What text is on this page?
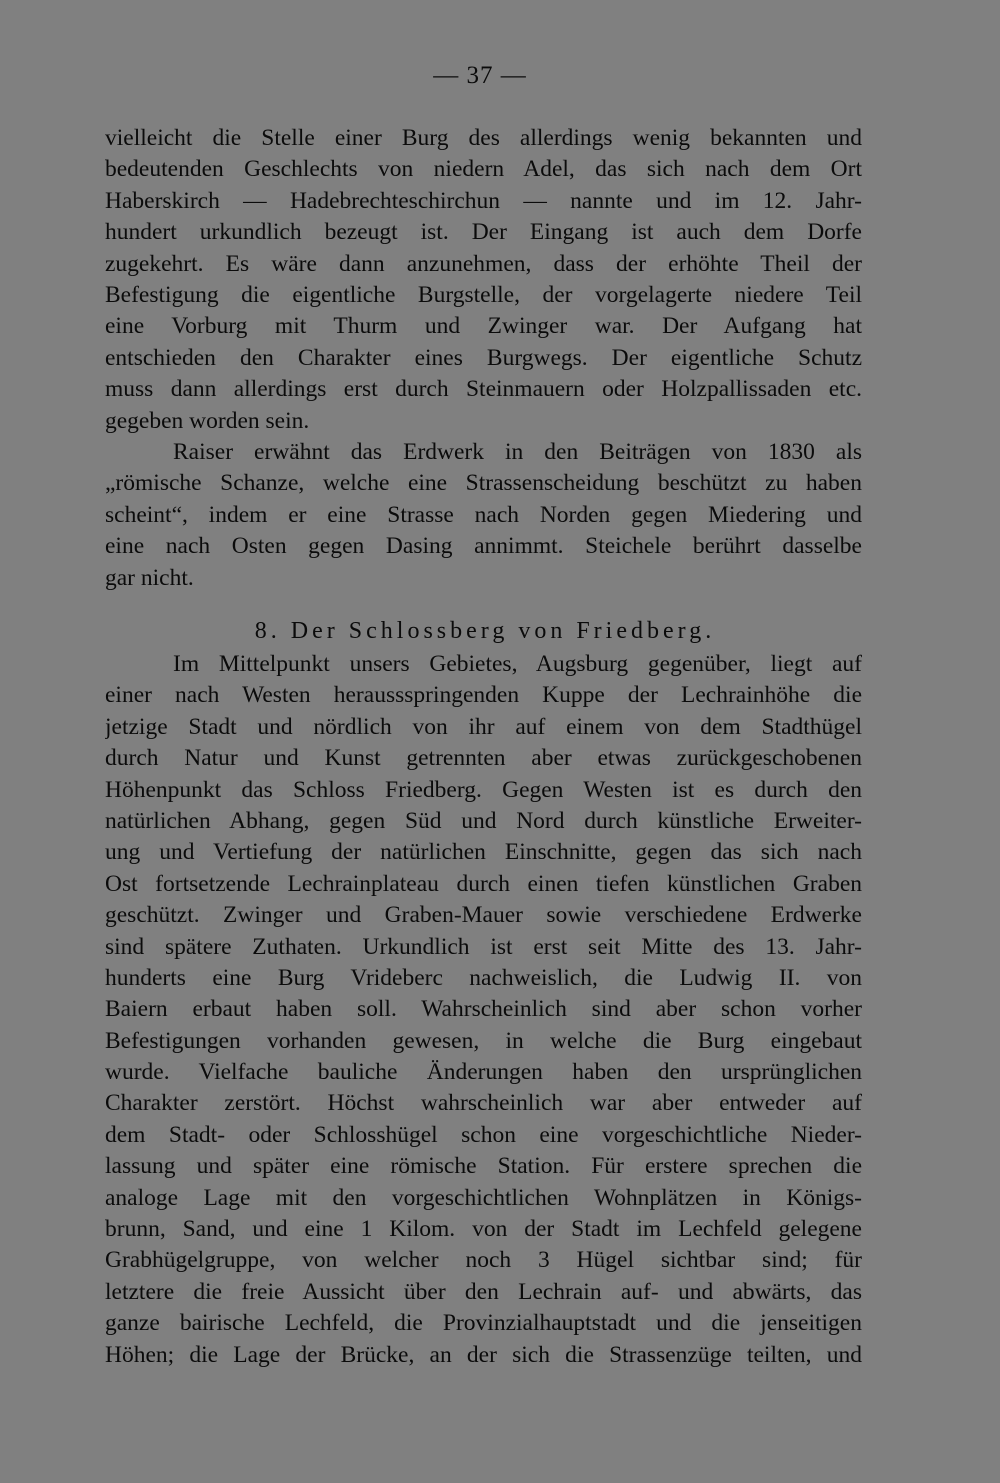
— 37 —
vielleicht die Stelle einer Burg des allerdings wenig bekannten und
bedeutenden Geschlechts von niedern Adel, das sich nach dem Ort
Haberskirch — Hadebrechteschirchun — nannte und im 12. Jahr-
hundert urkundlich bezeugt ist. Der Eingang ist auch dem Dorfe
zugekehrt. Es wäre dann anzunehmen, dass der erhöhte Theil der
Befestigung die eigentliche Burgstelle, der vorgelagerte niedere Teil
eine Vorburg mit Thurm und Zwinger war. Der Aufgang hat
entschieden den Charakter eines Burgwegs. Der eigentliche Schutz
muss dann allerdings erst durch Steinmauern oder Holzpallissaden etc.
gegeben worden sein.
Raiser erwähnt das Erdwerk in den Beiträgen von 1830 als
„römische Schanze, welche eine Strassenscheidung beschützt zu haben
scheint“, indem er eine Strasse nach Norden gegen Miedering und
eine nach Osten gegen Dasing annimmt. Steichele berührt dasselbe
gar nicht.
8. Der Schlossberg von Friedberg.
Im Mittelpunkt unsers Gebietes, Augsburg gegenüber, liegt auf
einer nach Westen heraussspringenden Kuppe der Lechrainhöhe die
jetzige Stadt und nördlich von ihr auf einem von dem Stadthügel
durch Natur und Kunst getrennten aber etwas zurückgeschobenen
Höhenpunkt das Schloss Friedberg. Gegen Westen ist es durch den
natürlichen Abhang, gegen Süd und Nord durch künstliche Erweiter-
ung und Vertiefung der natürlichen Einschnitte, gegen das sich nach
Ost fortsetzende Lechrainplateau durch einen tiefen künstlichen Graben
geschützt. Zwinger und Graben-Mauer sowie verschiedene Erdwerke
sind spätere Zuthaten. Urkundlich ist erst seit Mitte des 13. Jahr-
hunderts eine Burg Vrideberc nachweislich, die Ludwig II. von
Baiern erbaut haben soll. Wahrscheinlich sind aber schon vorher
Befestigungen vorhanden gewesen, in welche die Burg eingebaut
wurde. Vielfache bauliche Änderungen haben den ursprünglichen
Charakter zerstört. Höchst wahrscheinlich war aber entweder auf
dem Stadt- oder Schlosshügel schon eine vorgeschichtliche Nieder-
lassung und später eine römische Station. Für erstere sprechen die
analoge Lage mit den vorgeschichtlichen Wohnplätzen in Königs-
brunn, Sand, und eine 1 Kilom. von der Stadt im Lechfeld gelegene
Grabhügelgruppe, von welcher noch 3 Hügel sichtbar sind; für
letztere die freie Aussicht über den Lechrain auf- und abwärts, das
ganze bairische Lechfeld, die Provinzialhauptstadt und die jenseitigen
Höhen; die Lage der Brücke, an der sich die Strassenzüge teilten, und
